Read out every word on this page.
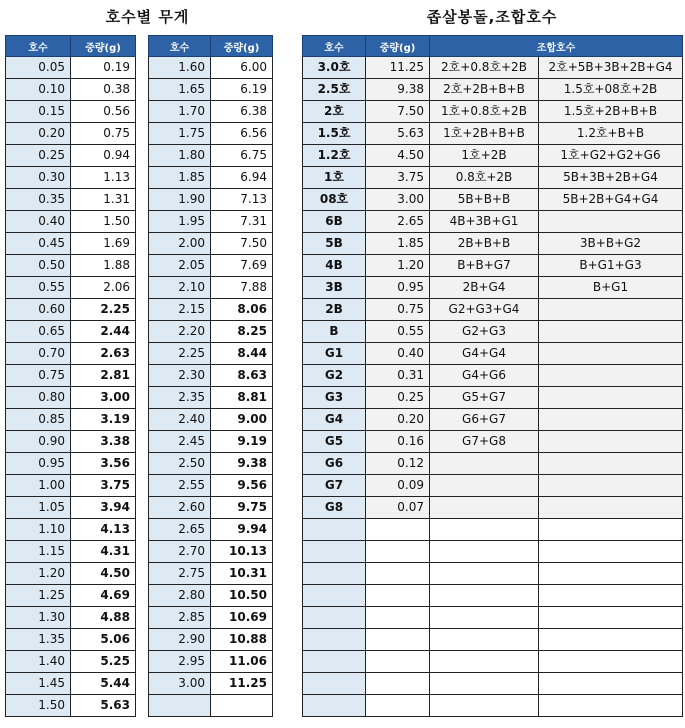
호수별 무게	좁살봉돌,조합호수
호수	중량(g)
0.05	0.19
0.10	0.38
0.15	0.56
0.20	0.75
0.25	0.94
0.30	1.13
0.35	1.31
0.40	1.50
0.45	1.69
0.50	1.88
0.55	2.06
0.60	2.25
0.65	2.44
0.70	2.63
0.75	2.81
0.80	3.00
0.85	3.19
0.90	3.38
0.95	3.56
1.00	3.75
1.05	3.94
1.10	4.13
1.15	4.31
1.20	4.50
1.25	4.69
1.30	4.88
1.35	5.06
1.40	5.25
1.45	5.44
1.50	5.63
호수	중량(g)
1.60	6.00
1.65	6.19
1.70	6.38
1.75	6.56
1.80	6.75
1.85	6.94
1.90	7.13
1.95	7.31
2.00	7.50
2.05	7.69
2.10	7.88
2.15	8.06
2.20	8.25
2.25	8.44
2.30	8.63
2.35	8.81
2.40	9.00
2.45	9.19
2.50	9.38
2.55	9.56
2.60	9.75
2.65	9.94
2.70	10.13
2.75	10.31
2.80	10.50
2.85	10.69
2.90	10.88
2.95	11.06
3.00	11.25

호수	중량(g)	조합호수	
3.0호	11.25	2호+0.8호+2B	2호+5B+3B+2B+G4
2.5호	9.38	2호+2B+B+B	1.5호+08호+2B
2호	7.50	1호+0.8호+2B	1.5호+2B+B+B
1.5호	5.63	1호+2B+B+B	1.2호+B+B
1.2호	4.50	1호+2B	1호+G2+G2+G6
1호	3.75	0.8호+2B	5B+3B+2B+G4
08호	3.00	5B+B+B	5B+2B+G4+G4
6B	2.65	4B+3B+G1	
5B	1.85	2B+B+B	3B+B+G2
4B	1.20	B+B+G7	B+G1+G3
3B	0.95	2B+G4	B+G1
2B	0.75	G2+G3+G4	
B	0.55	G2+G3	
G1	0.40	G4+G4	
G2	0.31	G4+G6	
G3	0.25	G5+G7	
G4	0.20	G6+G7	
G5	0.16	G7+G8	
G6	0.12		
G7	0.09		
G8	0.07		
